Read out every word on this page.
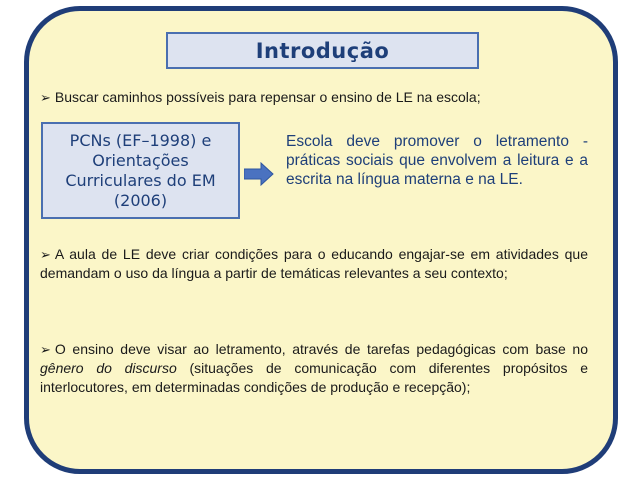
Introdução
➢ Buscar caminhos possíveis para repensar o ensino de LE na escola;
PCNs (EF–1998) e Orientações Curriculares do EM (2006)
Escola deve promover o letramento - práticas sociais que envolvem a leitura e a escrita na língua materna e na LE.
➢ A aula de LE deve criar condições para o educando engajar-se em atividades que demandam o uso da língua a partir de temáticas relevantes a seu contexto;
➢ O ensino deve visar ao letramento, através de tarefas pedagógicas com base no gênero do discurso (situações de comunicação com diferentes propósitos e interlocutores, em determinadas condições de produção e recepção);
